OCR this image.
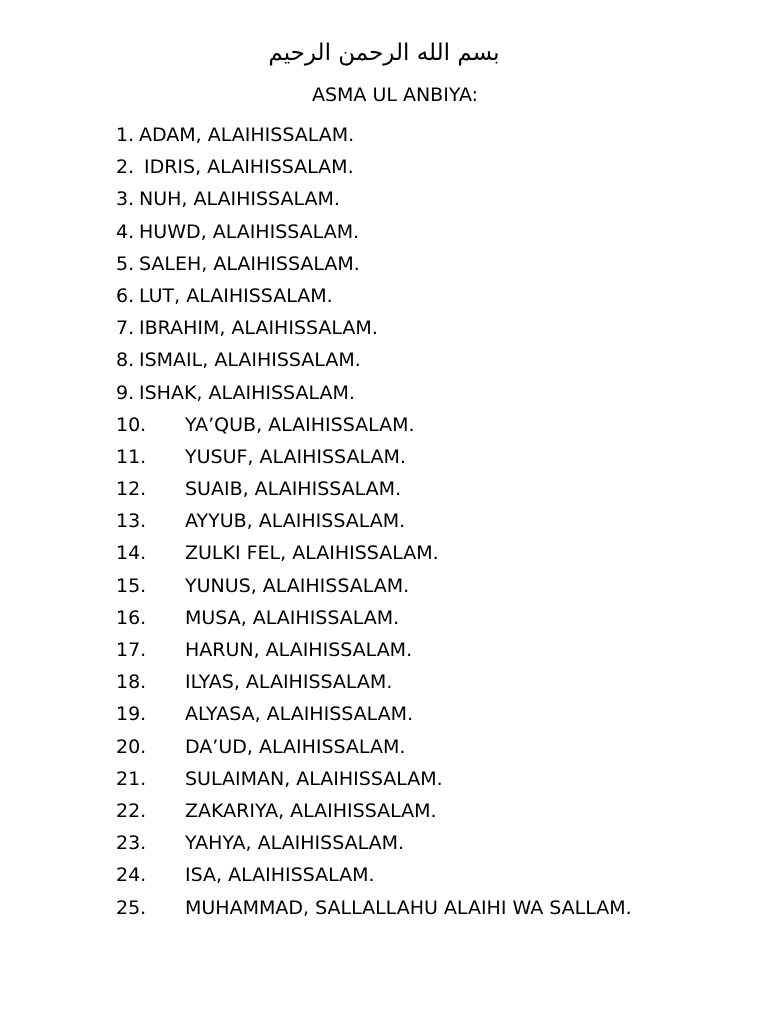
بسم الله الرحمن الرحيم
ASMA UL ANBIYA:
1. ADAM, ALAIHISSALAM.
2. IDRIS, ALAIHISSALAM.
3. NUH, ALAIHISSALAM.
4. HUWD, ALAIHISSALAM.
5. SALEH, ALAIHISSALAM.
6. LUT, ALAIHISSALAM.
7. IBRAHIM, ALAIHISSALAM.
8. ISMAIL, ALAIHISSALAM.
9. ISHAK, ALAIHISSALAM.
10. YA’QUB, ALAIHISSALAM.
11. YUSUF, ALAIHISSALAM.
12. SUAIB, ALAIHISSALAM.
13. AYYUB, ALAIHISSALAM.
14. ZULKI FEL, ALAIHISSALAM.
15. YUNUS, ALAIHISSALAM.
16. MUSA, ALAIHISSALAM.
17. HARUN, ALAIHISSALAM.
18. ILYAS, ALAIHISSALAM.
19. ALYASA, ALAIHISSALAM.
20. DA’UD, ALAIHISSALAM.
21. SULAIMAN, ALAIHISSALAM.
22. ZAKARIYA, ALAIHISSALAM.
23. YAHYA, ALAIHISSALAM.
24. ISA, ALAIHISSALAM.
25. MUHAMMAD, SALLALLAHU ALAIHI WA SALLAM.
